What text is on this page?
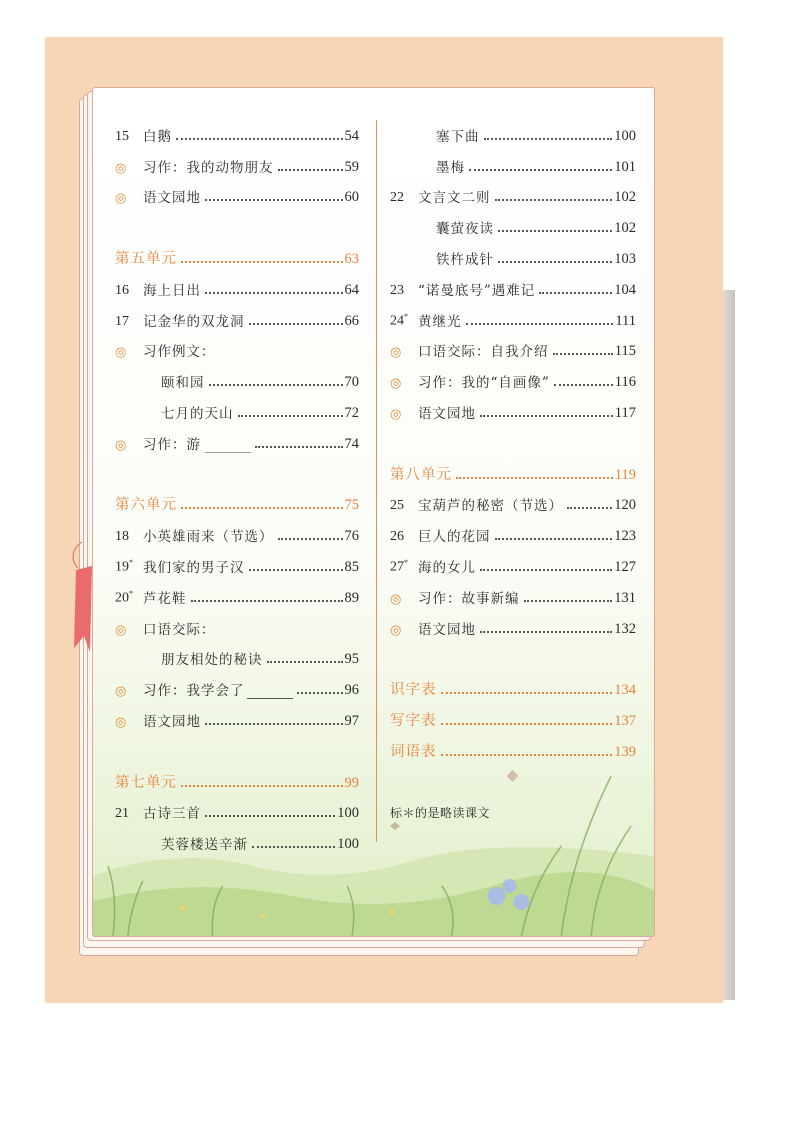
15	白鹅	54
◎	习作：我的动物朋友	59
◎	语文园地	60
第五单元	63
16	海上日出	64
17	记金华的双龙洞	66
◎	习作例文：
颐和园	70
七月的天山	72
◎	习作：游	74
第六单元	75
18	小英雄雨来（节选）	76
19* 我们家的男子汉	85
20* 芦花鞋	89
◎	口语交际：
朋友相处的秘诀	95
◎	习作：我学会了	96
◎	语文园地	97
第七单元	99
21	古诗三首	100
芙蓉楼送辛渐	100
塞下曲	100
墨梅	101
22	文言文二则	102
囊萤夜读	102
铁杵成针	103
23	“诺曼底号”遇难记	104
24* 黄继光	111
◎	口语交际：自我介绍	115
◎	习作：我的“自画像”	116
◎	语文园地	117
第八单元	119
25	宝葫芦的秘密（节选）	120
26	巨人的花园	123
27* 海的女儿	127
◎	习作：故事新编	131
◎	语文园地	132
识字表	134
写字表	137
词语表	139
标＊的是略读课文
